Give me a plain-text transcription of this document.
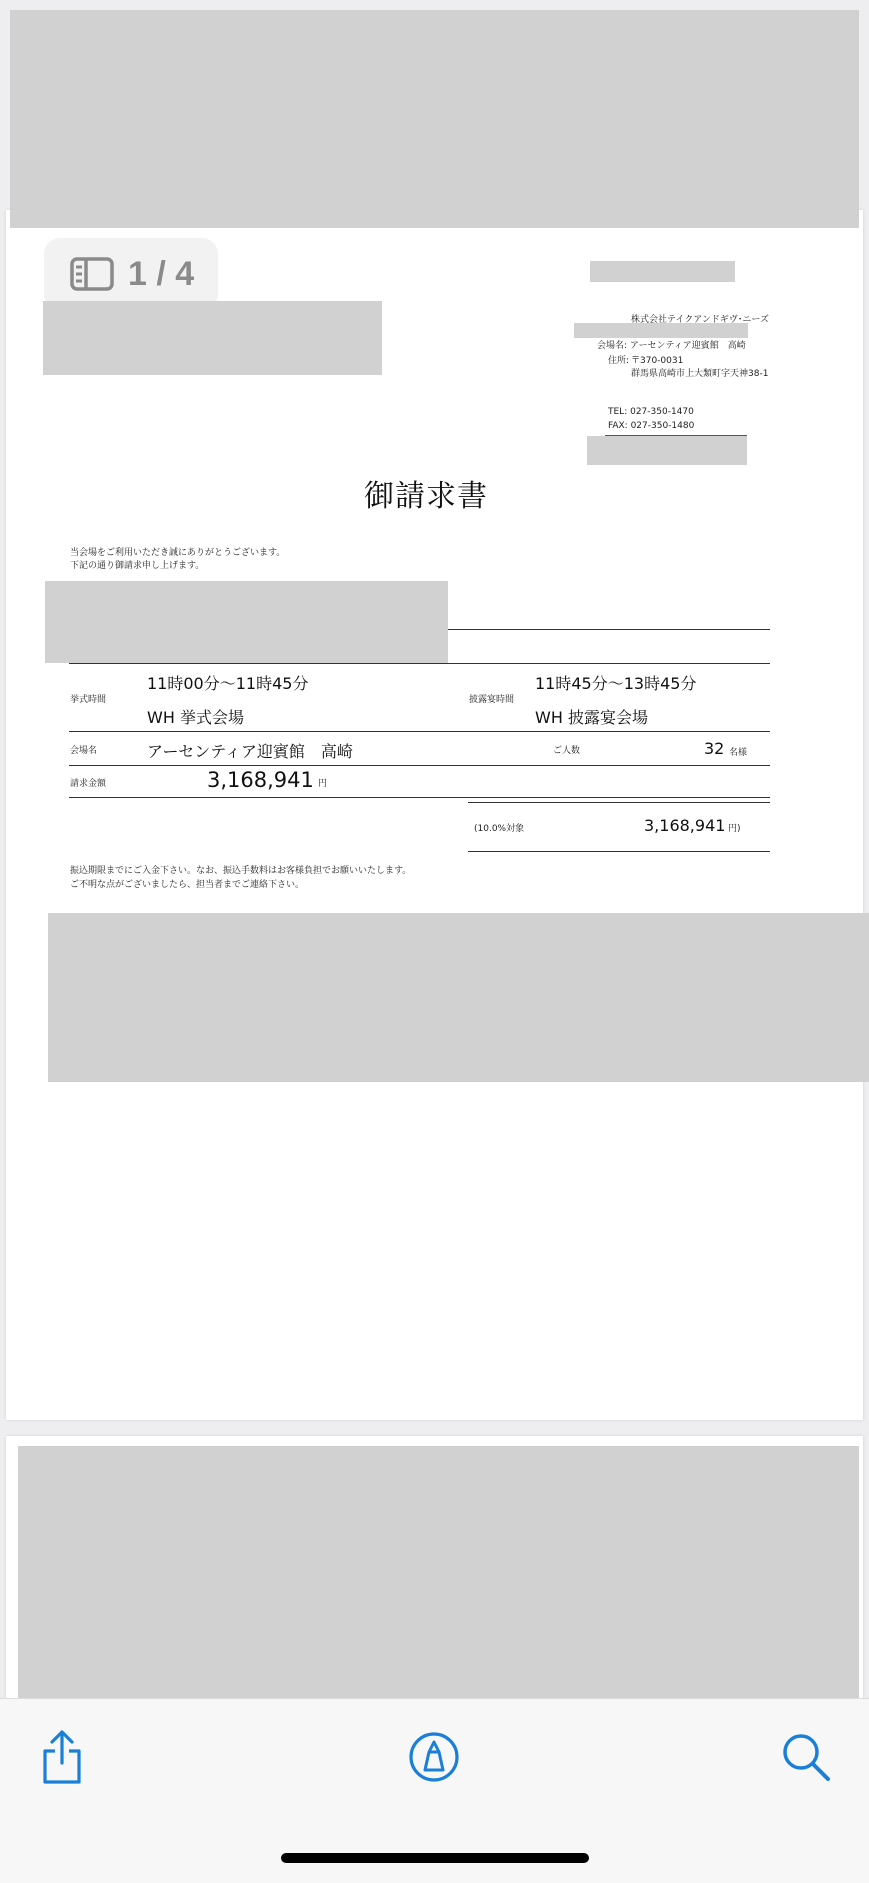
1 / 4
株式会社テイクアンドギヴ･ニーズ
会場名: アーセンティア迎賓館　高崎
住所: 〒370-0031
群馬県高崎市上大類町字天神38-1
TEL: 027-350-1470
FAX: 027-350-1480
御請求書
当会場をご利用いただき誠にありがとうございます。
下記の通り御請求申し上げます。
挙式時間
11時00分〜11時45分
WH 挙式会場
披露宴時間
11時45分〜13時45分
WH 披露宴会場
会場名	アーセンティア迎賓館　高崎	ご人数	32 名様
請求金額	3,168,941 円
(10.0%対象	3,168,941 円)
振込期限までにご入金下さい。なお、振込手数料はお客様負担でお願いいたします。
ご不明な点がございましたら、担当者までご連絡下さい。
